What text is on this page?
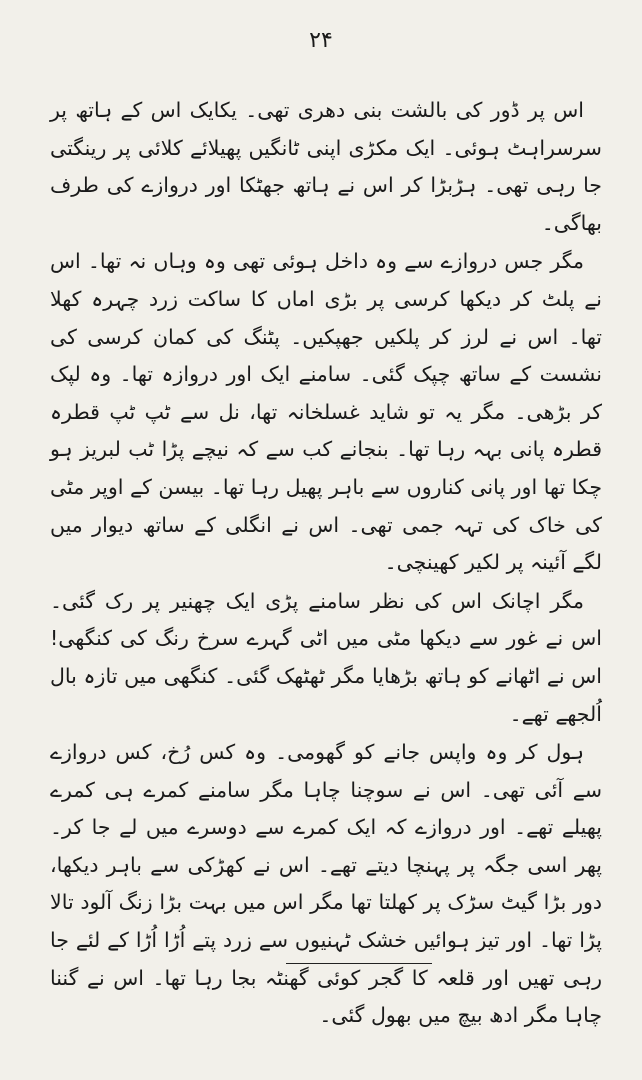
۲۴

اس پر ڈور کی بالشت بنی دھری تھی۔ یکایک اس کے ہاتھ پر سرسراہٹ ہوئی۔ ایک مکڑی اپنی ٹانگیں پھیلائے کلائی پر رینگتی جا رہی تھی۔ ہڑبڑا کر اس نے ہاتھ جھٹکا اور دروازے کی طرف بھاگی۔

مگر جس دروازے سے وہ داخل ہوئی تھی وہ وہاں نہ تھا۔ اس نے پلٹ کر دیکھا کرسی پر بڑی اماں کا ساکت زرد چہرہ کھلا تھا۔ اس نے لرز کر پلکیں جھپکیں۔ پٹنگ کی کمان کرسی کی نشست کے ساتھ چپک گئی۔ سامنے ایک اور دروازہ تھا۔ وہ لپک کر بڑھی۔ مگر یہ تو شاید غسلخانہ تھا، نل سے ٹپ ٹپ قطرہ قطرہ پانی بہہ رہا تھا۔ بنجانے کب سے کہ نیچے پڑا ٹب لبریز ہو چکا تھا اور پانی کناروں سے باہر پھیل رہا تھا۔ بیسن کے اوپر مٹی کی خاک کی تہہ جمی تھی۔ اس نے انگلی کے ساتھ دیوار میں لگے آئینہ پر لکیر کھینچی۔

مگر اچانک اس کی نظر سامنے پڑی ایک چھنیر پر رک گئی۔ اس نے غور سے دیکھا مٹی میں اٹی گہرے سرخ رنگ کی کنگھی! اس نے اٹھانے کو ہاتھ بڑھایا مگر ٹھٹھک گئی۔ کنگھی میں تازہ بال اُلجھے تھے۔

ہول کر وہ واپس جانے کو گھومی۔ وہ کس رُخ، کس دروازے سے آئی تھی۔ اس نے سوچنا چاہا مگر سامنے کمرے ہی کمرے پھیلے تھے۔ اور دروازے کہ ایک کمرے سے دوسرے میں لے جا کر۔ پھر اسی جگہ پر پہنچا دیتے تھے۔ اس نے کھڑکی سے باہر دیکھا، دور بڑا گیٹ سڑک پر کھلتا تھا مگر اس میں بہت بڑا زنگ آلود تالا پڑا تھا۔ اور تیز ہوائیں خشک ٹہنیوں سے زرد پتے اُڑا اُڑا کے لئے جا رہی تھیں اور قلعہ کا گجر کوئی گھنٹہ بجا رہا تھا۔ اس نے گننا چاہا مگر ادھ بیچ میں بھول گئی۔
